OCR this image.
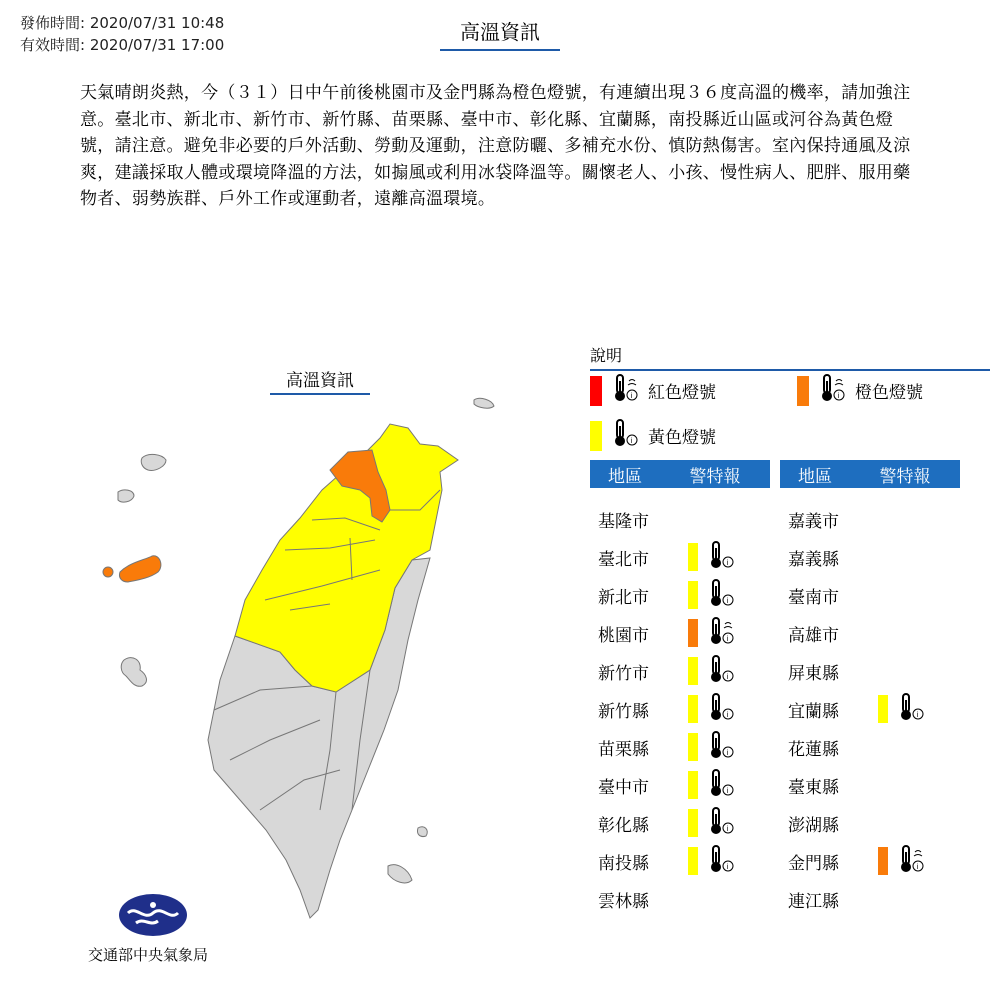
發佈時間: 2020/07/31 10:48
有效時間: 2020/07/31 17:00
高溫資訊
天氣晴朗炎熱，今（３１）日中午前後桃園市及金門縣為橙色燈號，有連續出現３６度高溫的機率，請加強注意。臺北市、新北市、新竹市、新竹縣、苗栗縣、臺中市、彰化縣、宜蘭縣，南投縣近山區或河谷為黃色燈號，請注意。避免非必要的戶外活動、勞動及運動，注意防曬、多補充水份、慎防熱傷害。室內保持通風及涼爽，建議採取人體或環境降溫的方法，如搧風或利用冰袋降溫等。關懷老人、小孩、慢性病人、肥胖、服用藥物者、弱勢族群、戶外工作或運動者，遠離高溫環境。
高溫資訊
交通部中央氣象局
說明
i 紅色燈號	i 橙色燈號
i 黃色燈號
地區	警特報	地區	警特報
基隆市
臺北市	i
新北市	i
桃園市	i
新竹市	i
新竹縣	i
苗栗縣	i
臺中市	i
彰化縣	i
南投縣	i
雲林縣
嘉義市
嘉義縣
臺南市
高雄市
屏東縣
宜蘭縣	i
花蓮縣
臺東縣
澎湖縣
金門縣	i
連江縣
